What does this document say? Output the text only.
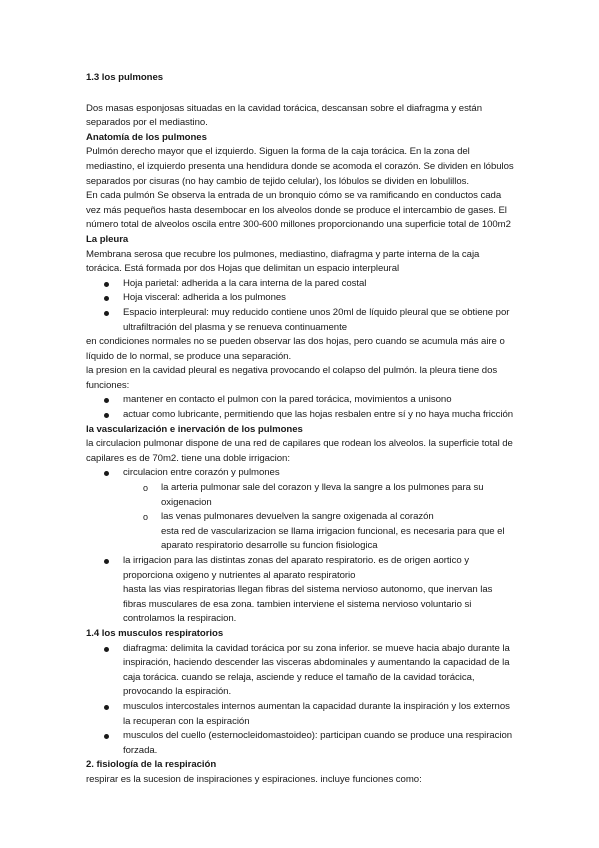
1.3 los pulmones

Dos masas esponjosas situadas en la cavidad torácica, descansan sobre el diafragma y están separados por el mediastino.

Anatomía de los pulmones

Pulmón derecho mayor que el izquierdo. Siguen la forma de la caja torácica. En la zona del mediastino, el izquierdo presenta una hendidura donde se acomoda el corazón. Se dividen en lóbulos separados por cisuras (no hay cambio de tejido celular), los lóbulos se dividen en lobulillos.

En cada pulmón Se observa la entrada de un bronquio cómo se va ramificando en conductos cada vez más pequeños hasta desembocar en los alveolos donde se produce el intercambio de gases. El número total de alveolos oscila entre 300-600 millones proporcionando una superficie total de 100m2

La pleura

Membrana serosa que recubre los pulmones, mediastino, diafragma y parte interna de la caja torácica. Está formada por dos Hojas que delimitan un espacio interpleural

Hoja parietal: adherida a la cara interna de la pared costal
Hoja visceral: adherida a los pulmones
Espacio interpleural: muy reducido contiene unos 20ml de líquido pleural que se obtiene por ultrafiltración del plasma y se renueva continuamente

en condiciones normales no se pueden observar las dos hojas, pero cuando se acumula más aire o líquido de lo normal, se produce una separación.

la presion en la cavidad pleural es negativa provocando el colapso del pulmón. la pleura tiene dos funciones:

mantener en contacto el pulmon con la pared torácica, movimientos a unisono
actuar como lubricante, permitiendo que las hojas resbalen entre sí y no haya mucha fricción

la vascularización e inervación de los pulmones

la circulacion pulmonar dispone de una red de capilares que rodean los alveolos. la superficie total de capilares es de 70m2. tiene una doble irrigacion:

circulacion entre corazón y pulmones
o la arteria pulmonar sale del corazon y lleva la sangre a los pulmones para su oxigenacion
o las venas pulmonares devuelven la sangre oxigenada al corazón
esta red de vascularizacion se llama irrigacion funcional, es necesaria para que el aparato respiratorio desarrolle su funcion fisiologica
la irrigacion para las distintas zonas del aparato respiratorio. es de origen aortico y proporciona oxigeno y nutrientes al aparato respiratorio
hasta las vias respiratorias llegan fibras del sistema nervioso autonomo, que inervan las fibras musculares de esa zona. tambien interviene el sistema nervioso voluntario si controlamos la respiracion.

1.4 los musculos respiratorios

diafragma: delimita la cavidad torácica por su zona inferior. se mueve hacia abajo durante la inspiración, haciendo descender las visceras abdominales y aumentando la capacidad de la caja torácica. cuando se relaja, asciende y reduce el tamaño de la cavidad torácica, provocando la espiración.
musculos intercostales internos aumentan la capacidad durante la inspiración y los externos la recuperan con la espiración
musculos del cuello (esternocleidomastoideo): participan cuando se produce una respiracion forzada.

2. fisiología de la respiración

respirar es la sucesion de inspiraciones y espiraciones. incluye funciones como:
